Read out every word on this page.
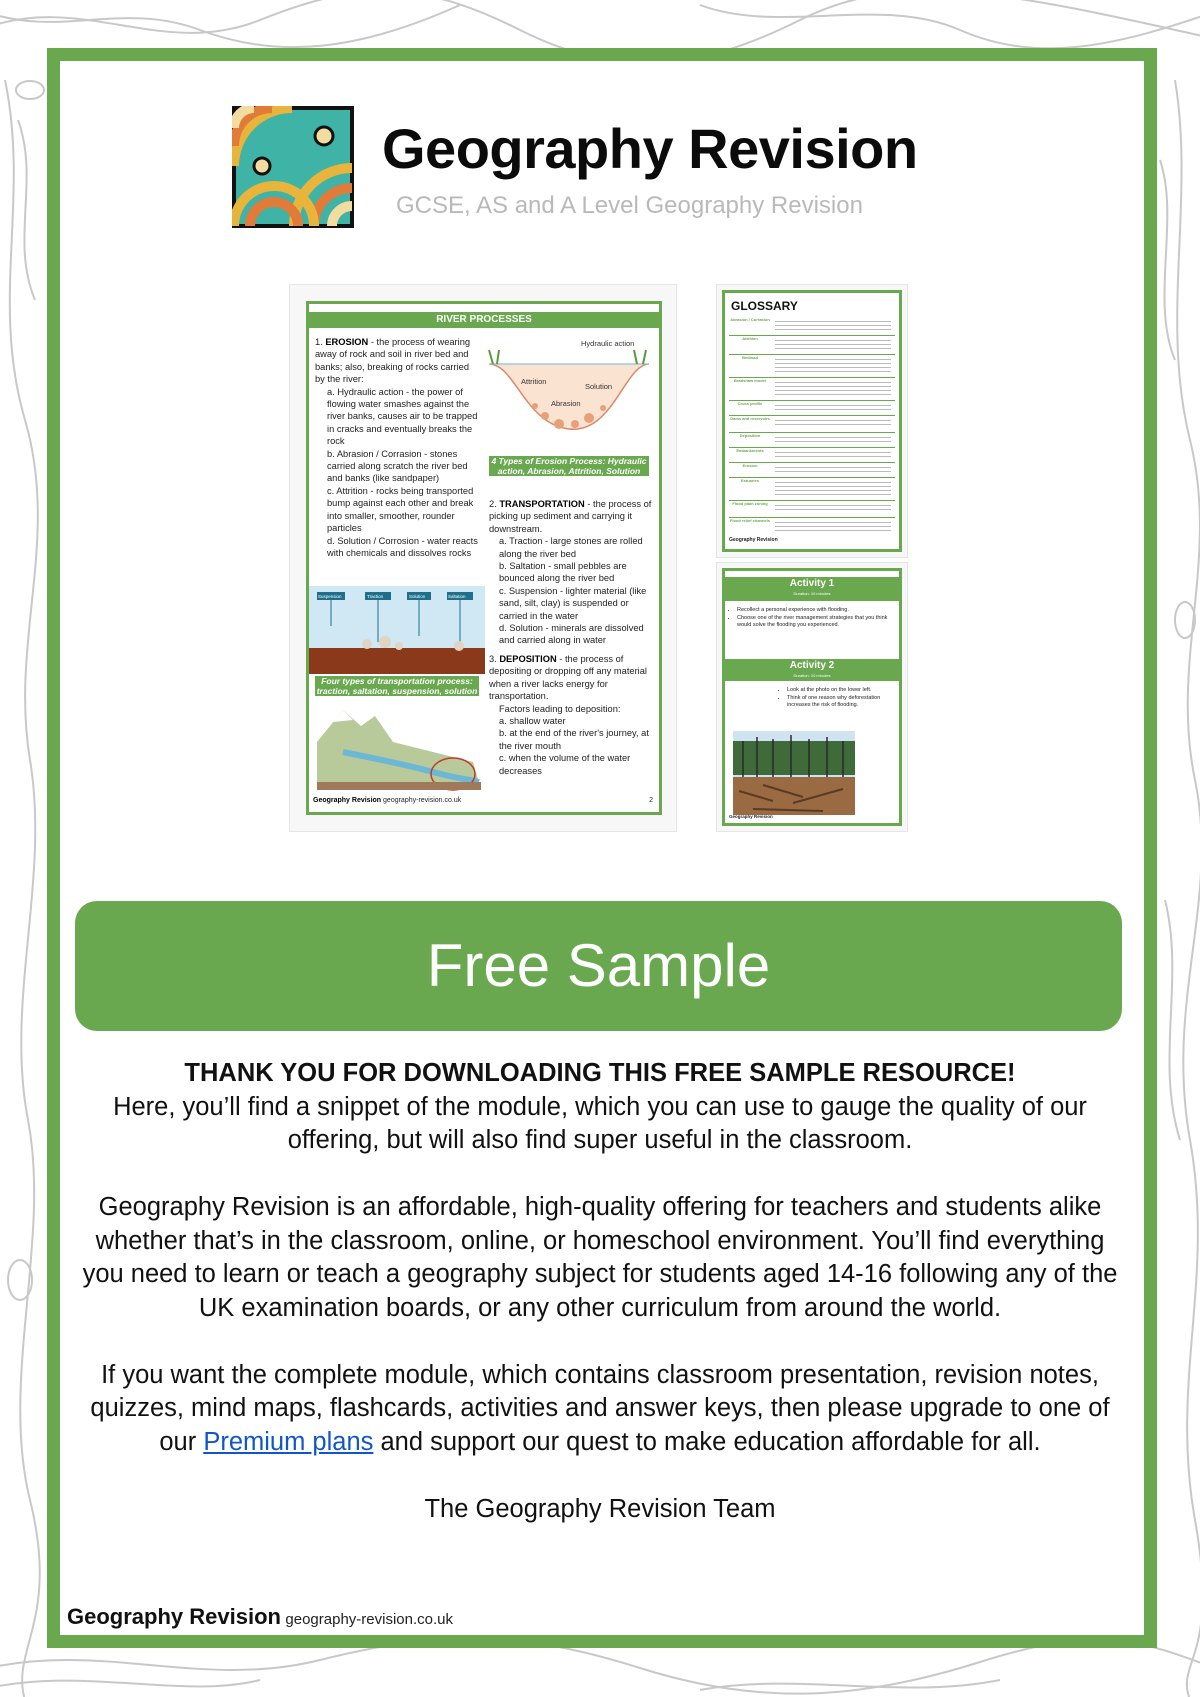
Geography Revision
GCSE, AS and A Level Geography Revision
RIVER PROCESSES
1. EROSION - the process of wearing away of rock and soil in river bed and banks; also, breaking of rocks carried by the river:
a. Hydraulic action - the power of flowing water smashes against the river banks, causes air to be trapped in cracks and eventually breaks the rock
b. Abrasion / Corrasion - stones carried along scratch the river bed and banks (like sandpaper)
c. Attrition - rocks being transported bump against each other and break into smaller, smoother, rounder particles
d. Solution / Corrosion - water reacts with chemicals and dissolves rocks
Hydraulic action
Attrition
Solution
Abrasion
4 Types of Erosion Process: Hydraulic action, Abrasion, Attrition, Solution
2. TRANSPORTATION - the process of picking up sediment and carrying it downstream.
a. Traction - large stones are rolled along the river bed
b. Saltation - small pebbles are bounced along the river bed
c. Suspension - lighter material (like sand, silt, clay) is suspended or carried in the water
d. Solution - minerals are dissolved and carried along in water
3. DEPOSITION - the process of depositing or dropping off any material when a river lacks energy for transportation.
Factors leading to deposition:
a. shallow water
b. at the end of the river's journey, at the river mouth
c. when the volume of the water decreases
Suspension	Traction	Solution	Saltation
Four types of transportation process: traction, saltation, suspension, solution
Geography Revision geography-revision.co.uk	2
GLOSSARY
Abrasion / Corrasion
Attrition
Bedload
Bradshaw model
Cross profile
Dams and reservoirs
Deposition
Embankments
Erosion
Estuaries
Flood plain zoning
Flood relief channels
Geography Revision
Activity 1
Duration: 10 minutes
• Recollect a personal experience with flooding.
• Choose one of the river management strategies that you think would solve the flooding you experienced.
Activity 2
Duration: 10 minutes
• Look at the photo on the lower left.
• Think of one reason why deforestation increases the risk of flooding.
Geography Revision
Free Sample

THANK YOU FOR DOWNLOADING THIS FREE SAMPLE RESOURCE!

Here, you’ll find a snippet of the module, which you can use to gauge the quality of our offering, but will also find super useful in the classroom.

Geography Revision is an affordable, high-quality offering for teachers and students alike whether that’s in the classroom, online, or homeschool environment. You’ll find everything you need to learn or teach a geography subject for students aged 14-16 following any of the UK examination boards, or any other curriculum from around the world.

If you want the complete module, which contains classroom presentation, revision notes, quizzes, mind maps, flashcards, activities and answer keys, then please upgrade to one of our Premium plans and support our quest to make education affordable for all.

The Geography Revision Team

Geography Revision geography-revision.co.uk
